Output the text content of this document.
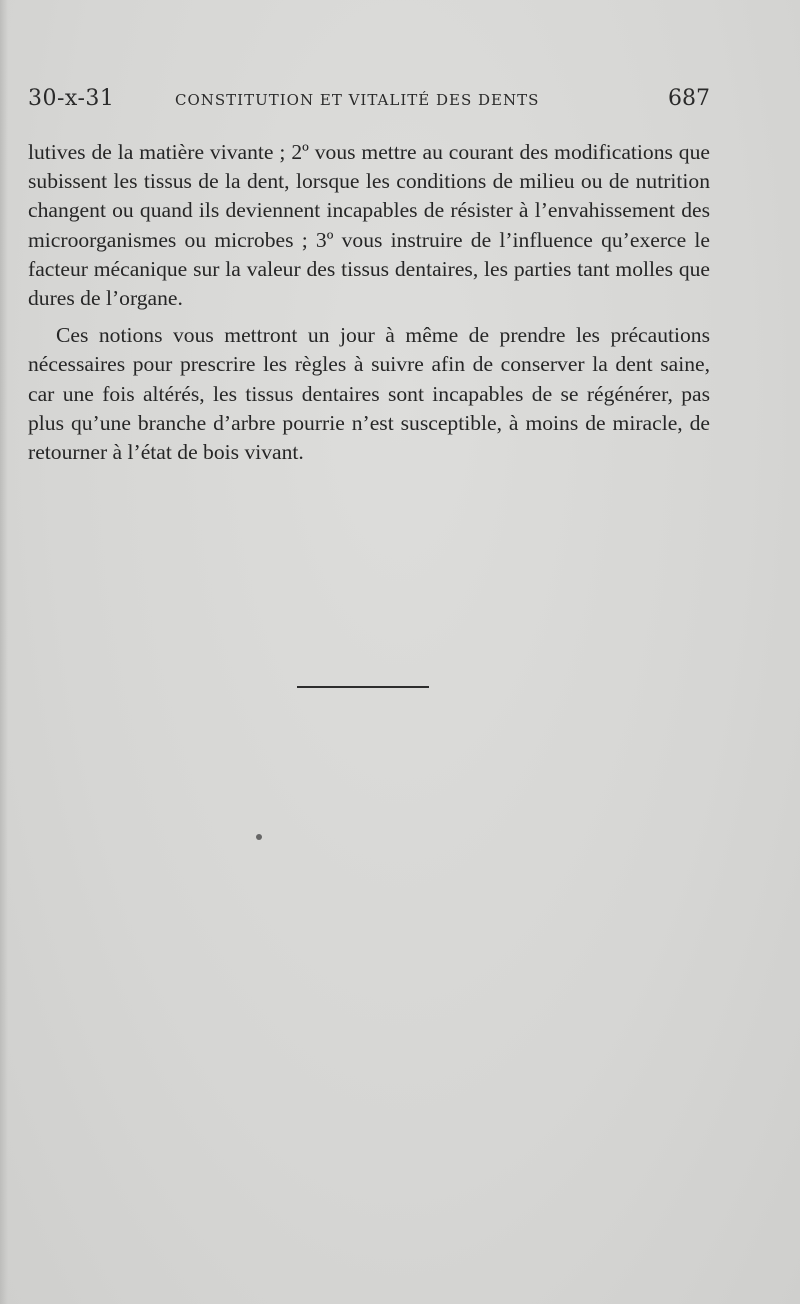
30-x-31	CONSTITUTION ET VITALITÉ DES DENTS	687

lutives de la matière vivante ; 2º vous mettre au courant des modifications que subissent les tissus de la dent, lorsque les conditions de milieu ou de nutrition changent ou quand ils deviennent incapables de résister à l’envahissement des microorganismes ou microbes ; 3º vous instruire de l’influence qu’exerce le facteur mécanique sur la valeur des tissus dentaires, les parties tant molles que dures de l’organe.

Ces notions vous mettront un jour à même de prendre les précautions nécessaires pour prescrire les règles à suivre afin de conserver la dent saine, car une fois altérés, les tissus dentaires sont incapables de se régénérer, pas plus qu’une branche d’arbre pourrie n’est susceptible, à moins de miracle, de retourner à l’état de bois vivant.
